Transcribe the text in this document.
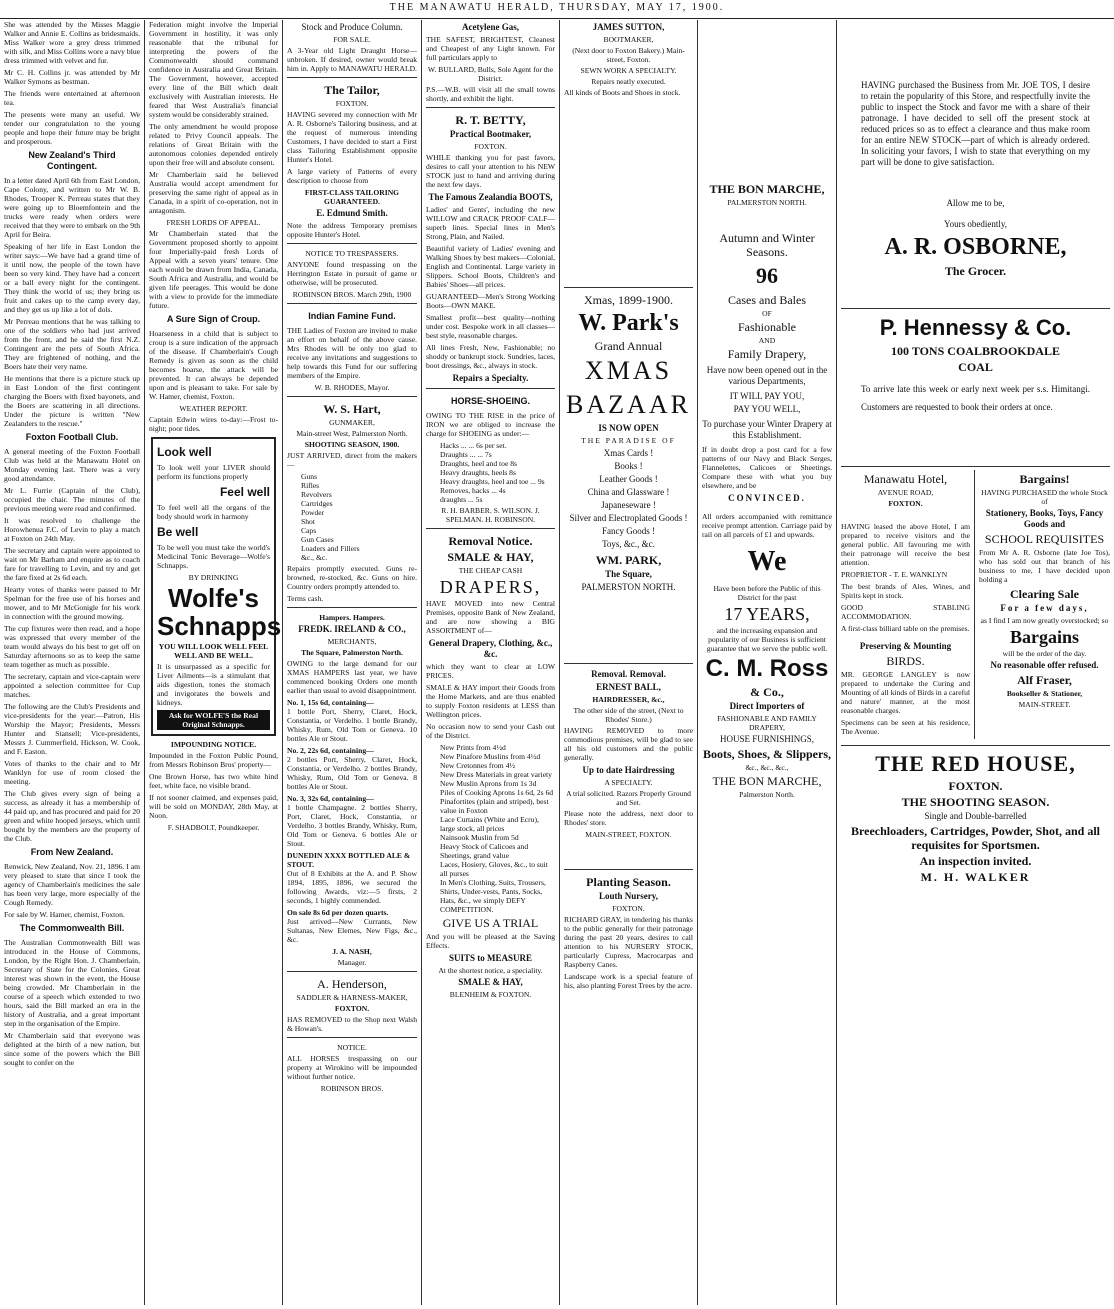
THE MANAWATU HERALD, THURSDAY, MAY 17, 1900.

She was attended by the Misses Maggie Walker and Annie E. Collins as bridesmaids. Miss Walker wore a grey dress trimmed with silk, and Miss Collins wore a navy blue dress trimmed with velvet and fur.

Mr C. H. Collins jr. was attended by Mr Walker Symons as bestman.

The friends were entertained at afternoon tea.

The presents were many an useful. We tender our congratulation to the young people and hope their future may be bright and prosperous.

New Zealand's Third Contingent.

In a letter dated April 6th from East London, Cape Colony, and written to Mr W. B. Rhodes, Trooper K. Perreau states that they were going up to Bloemfontein and the trucks were ready when orders were received that they were to embark on the 9th April for Beira.

Speaking of her life in East London the writer says:—We have had a grand time of it until now, the people of the town have been so very kind. They have had a concert or a ball every night for the contingent. They think the world of us; they bring us fruit and cakes up to the camp every day, and they get us up like a lot of dols.

Mr Perreau mentions that he was talking to one of the soldiers who had just arrived from the front, and he said the first N.Z. Contingent are the pets of South Africa. They are frightened of nothing, and the Boers hate their very name.

He mentions that there is a picture stuck up in East London of the first contingent charging the Boers with fixed bayonets, and the Boers are scattering in all directions. Under the picture is written "New Zealanders to the rescue."

Foxton Football Club.

A general meeting of the Foxton Football Club was held at the Manawatu Hotel on Monday evening last. There was a very good attendance.

Mr L. Furrie (Captain of the Club), occupied the chair. The minutes of the previous meeting were read and confirmed.

It was resolved to challenge the Horowhenua F.C. of Levin to play a match at Foxton on 24th May.

The secretary and captain were appointed to wait on Mr Barham and enquire as to coach fare for travelling to Levin, and try and get the fare fixed at 2s 6d each.

Hearty votes of thanks were passed to Mr Spelman for the free use of his horses and mower, and to Mr McGonigle for his work in connection with the ground mowing.

The cup fixtures were then read, and a hope was expressed that every member of the team would always do his best to get off on Saturday afternoons so as to keep the same team together as much as possible.

The secretary, captain and vice-captain were appointed a selection committee for Cup matches.

The following are the Club's Presidents and vice-presidents for the year:—Patron, His Worship the Mayor; Presidents, Messrs Hunter and Stansell; Vice-presidents, Messrs J. Cummerfield, Hickson, W. Cook, and F. Easton.

Votes of thanks to the chair and to Mr Wanklyn for use of room closed the meeting.

The Club gives every sign of being a success, as already it has a membership of 44 paid up, and has procured and paid for 20 green and white hooped jerseys, which until bought by the members are the property of the Club.

From New Zealand.

Renwick, New Zealand, Nov. 21, 1896. I am very pleased to state that since I took the agency of Chamberlain's medicines the sale has been very large, more especially of the Cough Remedy.

For sale by W. Hamer, chemist, Foxton.

The Commonwealth Bill.

The Australian Commonwealth Bill was introduced in the House of Commons, London, by the Right Hon. J. Chamberlain, Secretary of State for the Colonies. Great interest was shown in the event, the House being crowded. Mr Chamberlain in the course of a speech which extended to two hours, said the Bill marked an era in the history of Australia, and a great important step in the organisation of the Empire.

Mr Chamberlain said that everyone was delighted at the birth of a new nation, but since some of the powers which the Bill sought to confer on the

Federation might involve the Imperial Government in hostility, it was only reasonable that the tribunal for interpreting the powers of the Commonwealth should command confidence in Australia and Great Britain. The Government, however, accepted every line of the Bill which dealt exclusively with Australian interests. He feared that West Australia's financial system would be considerably strained.

The only amendment he would propose related to Privy Council appeals. The relations of Great Britain with the autonomous colonies depended entirely upon their free will and absolute consent.

Mr Chamberlain said he believed Australia would accept amendment for preserving the same right of appeal as in Canada, in a spirit of co-operation, not in antagonism.

FRESH LORDS OF APPEAL.

Mr Chamberlain stated that the Government proposed shortly to appoint four Imperially-paid fresh Lords of Appeal with a seven years' tenure. One each would be drawn from India, Canada, South Africa and Australia, and would be given life peerages. This would be done with a view to provide for the immediate future.

A Sure Sign of Croup.

Hoarseness in a child that is subject to croup is a sure indication of the approach of the disease. If Chamberlain's Cough Remedy is given as soon as the child becomes hoarse, the attack will be prevented. It can always be depended upon and is pleasant to take. For sale by W. Hamer, chemist, Foxton.

WEATHER REPORT.

Captain Edwin wires to-day:—Frost to-night; poor tides.

Look well

To look well your LIVER should perform its functions properly

Feel well

To feel well all the organs of the body should work in harmony

Be well

To be well you must take the world's Medicinal Tonic Beverage—Wolfe's Schnapps.

BY DRINKING
Wolfe's
Schnapps
YOU WILL LOOK WELL FEEL WELL AND BE WELL.

It is unsurpassed as a specific for Liver Ailments—is a stimulant that aids digestion, tones the stomach and invigorates the bowels and kidneys.

Ask for WOLFE'S the Real Original Schnapps.
IMPOUNDING NOTICE.

Impounded in the Foxton Public Pound, from Messrs Robinson Bros' property—

One Brown Horse, has two white hind feet, white face, no visible brand.

If not sooner claimed, and expenses paid, will be sold on MONDAY, 28th May, at Noon.

F. SHADBOLT, Poundkeeper.
Stock and Produce Column.
FOR SALE.

A 3-Year old Light Draught Horse—unbroken. If desired, owner would break him in. Apply to MANAWATU HERALD.

The Tailor,
FOXTON.

HAVING severed my connection with Mr A. R. Osborne's Tailoring business, and at the request of numerous intending Customers, I have decided to start a First class Tailoring Establishment opposite Hunter's Hotel.

A large variety of Patterns of every description to choose from

FIRST-CLASS TAILORING GUARANTEED.
E. Edmund Smith.

Note the address Temporary premises opposite Hunter's Hotel.

NOTICE TO TRESPASSERS.

ANYONE found trespassing on the Herrington Estate in pursuit of game or otherwise, will be prosecuted.

ROBINSON BROS. March 29th, 1900
Indian Famine Fund.

THE Ladies of Foxton are invited to make an effort on behalf of the above cause. Mrs Rhodes will be only too glad to receive any invitations and suggestions to help towards this Fund for our suffering members of the Empire.

W. B. RHODES, Mayor.
W. S. Hart,
GUNMAKER,
Main-street West, Palmerston North.
SHOOTING SEASON, 1900.

JUST ARRIVED, direct from the makers—

Guns
Rifles
Revolvers
Cartridges
Powder
Shot
Caps
Gun Cases
Loaders and Fillers
&c., &c.

Repairs promptly executed. Guns re-browned, re-stocked, &c. Guns on hire. Country orders promptly attended to.

Terms cash.

Hampers. Hampers.
FREDK. IRELAND & CO.,
MERCHANTS,
The Square, Palmerston North.

OWING to the large demand for our XMAS HAMPERS last year, we have commenced booking Orders one month earlier than usual to avoid disappointment.

No. 1, 15s 6d, containing—

1 bottle Port, Sherry, Claret, Hock, Constantia, or Verdelho. 1 bottle Brandy, Whisky, Rum, Old Tom or Geneva. 10 bottles Ale or Stout.

No. 2, 22s 6d, containing—

2 bottles Port, Sherry, Claret, Hock, Constantia, or Verdelho. 2 bottles Brandy, Whisky, Rum, Old Tom or Geneva. 8 bottles Ale or Stout.

No. 3, 32s 6d, containing—

1 bottle Champagne. 2 bottles Sherry, Port, Claret, Hock, Constantia, or Verdelho. 3 bottles Brandy, Whisky, Rum, Old Tom or Geneva. 6 bottles Ale or Stout.

DUNEDIN XXXX BOTTLED ALE & STOUT.

Out of 8 Exhibits at the A. and P. Show 1894, 1895, 1896, we secured the following Awards, viz:—5 firsts, 2 seconds, 1 highly commended.

On sale 8s 6d per dozen quarts.

Just arrived—New Currants, New Sultanas, New Elemes, New Figs, &c., &c.

J. A. NASH,
Manager.
A. Henderson,
SADDLER & HARNESS-MAKER,
FOXTON.

HAS REMOVED to the Shop next Walsh & Howan's.

NOTICE.

ALL HORSES trespassing on our property at Wirokino will be impounded without further notice.

ROBINSON BROS.
Acetylene Gas,

THE SAFEST, BRIGHTEST, Cleanest and Cheapest of any Light known. For full particulars apply to

W. BULLARD, Bulls, Sole Agent for the District.

P.S.—W.B. will visit all the small towns shortly, and exhibit the light.

R. T. BETTY,
Practical Bootmaker,
FOXTON.

WHILE thanking you for past favors, desires to call your attention to his NEW STOCK just to hand and arriving during the next few days.

The Famous Zealandia BOOTS,

Ladies' and Gents', including the new WILLOW and CRACK PROOF CALF—superb lines. Special lines in Men's Strong, Plain, and Nailed.

Beautiful variety of Ladies' evening and Walking Shoes by best makers—Colonial, English and Continental. Large variety in Slippers. School Boots, Children's and Babies' Shoes—all prices.

GUARANTEED—Men's Strong Working Boots—OWN MAKE.

Smallest profit—best quality—nothing under cost. Bespoke work in all classes—best style, reasonable charges.

All lines Fresh, New, Fashionable; no shoddy or bankrupt stock. Sundries, laces, boot dressings, &c., always in stock.

Repairs a Specialty.
HORSE-SHOEING.

OWING TO THE RISE in the price of IRON we are obliged to increase the charge for SHOEING as under:—

Hacks ... ... 6s per set.
Draughts ... ... 7s
Draughts, heel and toe 8s
Heavy draughts, heels 8s
Heavy draughts, heel and toe ... 9s
Removes, hacks ... 4s
draughts ... 5s
R. H. BARBER. S. WILSON. J. SPELMAN. H. ROBINSON.
Removal Notice.
SMALE & HAY,
THE CHEAP CASH
DRAPERS,

HAVE MOVED into new Central Premises, opposite Bank of New Zealand, and are now showing a BIG ASSORTMENT of—

General Drapery, Clothing, &c., &c.

which they want to clear at LOW PRICES.

SMALE & HAY import their Goods from the Home Markets, and are thus enabled to supply Foxton residents at LESS than Wellington prices.

No occasion now to send your Cash out of the District.

New Prints from 4½d
New Pinafore Muslins from 4½d
New Cretonnes from 4½
New Dress Materials in great variety
New Muslin Aprons from 1s 3d
Piles of Cooking Aprons 1s 6d, 2s 6d
Pinafortites (plain and striped), best value in Foxton
Lace Curtains (White and Ecru), large stock, all prices
Nainsook Muslin from 5d
Heavy Stock of Calicoes and Sheetings, grand value
Laces, Hosiery, Gloves, &c., to suit all purses
In Men's Clothing, Suits, Trousers, Shirts, Under-vests, Pants, Socks, Hats, &c., we simply DEFY COMPETITION.
GIVE US A TRIAL

And you will be pleased at the Saving Effects.

SUITS to MEASURE
At the shortest notice, a speciality.
SMALE & HAY,
BLENHEIM & FOXTON.
JAMES SUTTON,
BOOTMAKER,
(Next door to Foxton Bakery.) Main-street, Foxton.
SEWN WORK A SPECIALTY.
Repairs neatly executed.

All kinds of Boots and Shoes in stock.

Xmas, 1899-1900.
W. Park's
Grand Annual
XMAS
BAZAAR
IS NOW OPEN
THE PARADISE OF
Xmas Cards !
Books !
Leather Goods !
China and Glassware !
Japaneseware !
Silver and Electroplated Goods !
Fancy Goods !
Toys, &c., &c.
WM. PARK,
The Square,
PALMERSTON NORTH.
Removal. Removal.
ERNEST BALL,
HAIRDRESSER, &c.,
The other side of the street, (Next to Rhodes' Store.)

HAVING REMOVED to more commodious premises, will be glad to see all his old customers and the public generally.

Up to date Hairdressing
A SPECIALTY.
A trial solicited. Razors Properly Ground and Set.

Please note the address, next door to Rhodes' store.

MAIN-STREET, FOXTON.
Planting Season.
Louth Nursery,
FOXTON.

RICHARD GRAY, in tendering his thanks to the public generally for their patronage during the past 20 years, desires to call attention to his NURSERY STOCK, particularly Cupress, Macrocarpas and Raspberry Canes.

Landscape work is a special feature of his, also planting Forest Trees by the acre.

THE BON MARCHE,
PALMERSTON NORTH.
Autumn and Winter Seasons.
96
Cases and Bales
OF
Fashionable
AND
Family Drapery,
Have now been opened out in the various Departments,
IT WILL PAY YOU,
PAY YOU WELL,
To purchase your Winter Drapery at this Establishment.

If in doubt drop a post card for a few patterns of our Navy and Black Serges, Flannelettes, Calicoes or Sheetings. Compare these with what you buy elsewhere, and be

CONVINCED.

All orders accompanied with remittance receive prompt attention. Carriage paid by rail on all parcels of £1 and upwards.

We
Have been before the Public of this District for the past
17 YEARS,
and the increasing expansion and popularity of our Business is sufficient guarantee that we serve the public well.
C. M. Ross
& Co.,
Direct Importers of
FASHIONABLE AND FAMILY DRAPERY,
HOUSE FURNISHINGS,
Boots, Shoes, & Slippers,
&c., &c., &c.,
THE BON MARCHE,
Palmerston North.

HAVING purchased the Business from Mr. JOE TOS, I desire to retain the popularity of this Store, and respectfully invite the public to inspect the Stock and favor me with a share of their patronage. I have decided to sell off the present stock at reduced prices so as to effect a clearance and thus make room for an entire NEW STOCK—part of which is already ordered. In soliciting your favors, I wish to state that everything on my part will be done to give satisfaction.

Allow me to be,
Yours obediently,
A. R. OSBORNE,
The Grocer.
P. Hennessy & Co.
100 TONS COALBROOKDALE
COAL

To arrive late this week or early next week per s.s. Himitangi. Customers are requested to book their orders at once.

Manawatu Hotel,
AVENUE ROAD,
FOXTON.

HAVING leased the above Hotel, I am prepared to receive visitors and the general public. All favouring me with their patronage will receive the best attention.

PROPRIETOR - T. E. WANKLYN

The best brands of Ales, Wines, and Spirits kept in stock.

GOOD STABLING ACCOMMODATION.

A first-class billiard table on the premises.

Preserving & Mounting
BIRDS.

MR. GEORGE LANGLEY is now prepared to undertake the Curing and Mounting of all kinds of Birds in a careful and nature' manner, at the most reasonable charges.

Specimens can be seen at his residence, The Avenue.

Bargains!
HAVING PURCHASED the whole Stock of
Stationery, Books, Toys, Fancy Goods and
SCHOOL REQUISITES

From Mr A. R. Osborne (late Joe Tos), who has sold out that branch of his business to me, I have decided upon holding a

Clearing Sale
For a few days,
as I find I am now greatly overstocked; so
Bargains
will be the order of the day.
No reasonable offer refused.
Alf Fraser,
Bookseller & Stationer,
MAIN-STREET.
THE RED HOUSE,
FOXTON.
THE SHOOTING SEASON.
Single and Double-barrelled
Breechloaders, Cartridges, Powder, Shot, and all requisites for Sportsmen.
An inspection invited.
M. H. WALKER
